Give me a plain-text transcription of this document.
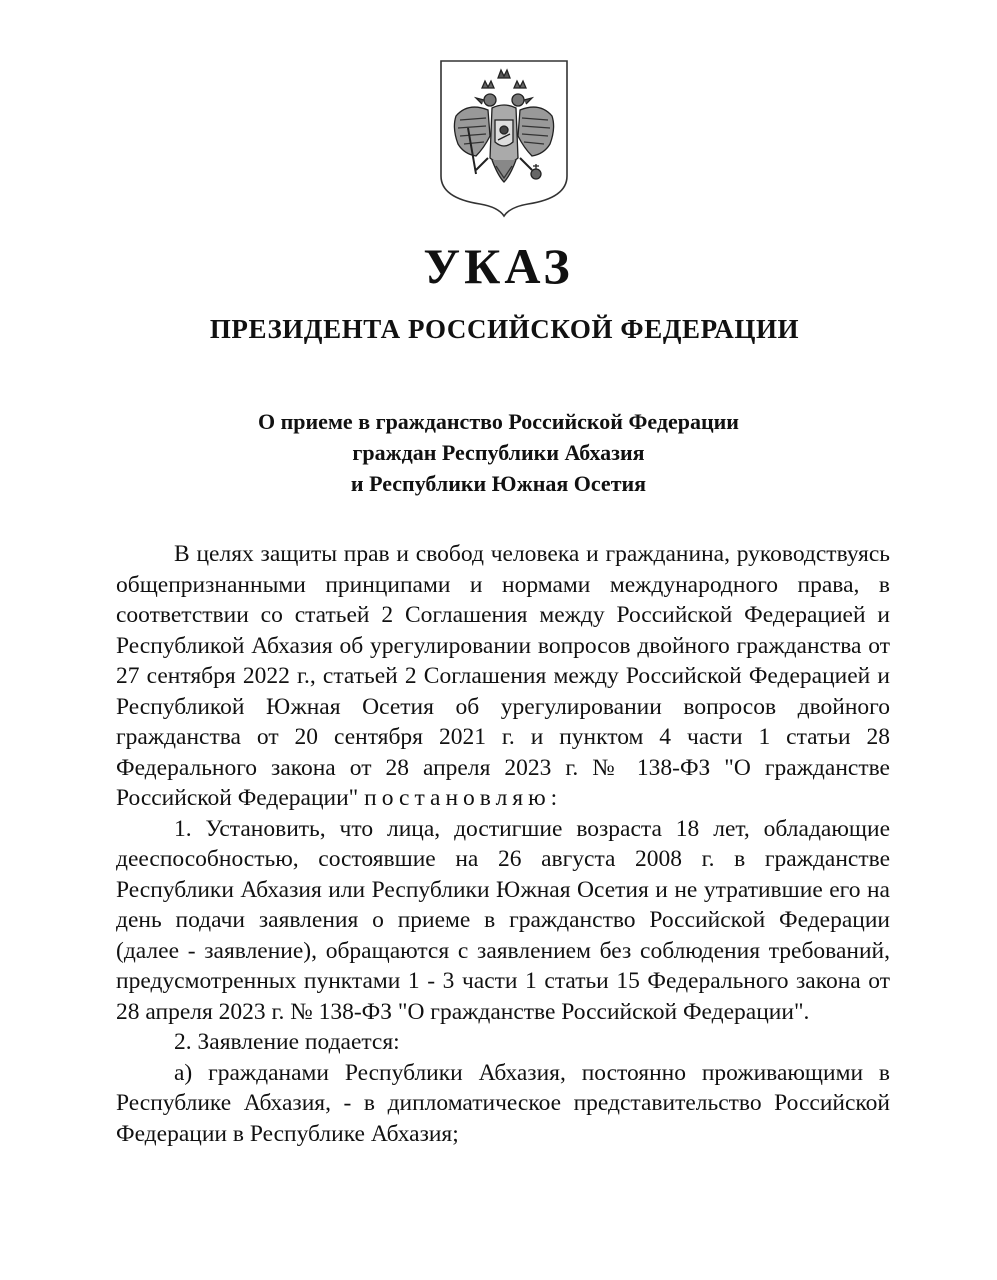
УКАЗ
ПРЕЗИДЕНТА РОССИЙСКОЙ ФЕДЕРАЦИИ
О приеме в гражданство Российской Федерации
граждан Республики Абхазия
и Республики Южная Осетия

В целях защиты прав и свобод человека и гражданина, руководствуясь общепризнанными принципами и нормами международного права, в соответствии со статьей 2 Соглашения между Российской Федерацией и Республикой Абхазия об урегулировании вопросов двойного гражданства от 27 сентября 2022 г., статьей 2 Соглашения между Российской Федерацией и Республикой Южная Осетия об урегулировании вопросов двойного гражданства от 20 сентября 2021 г. и пунктом 4 части 1 статьи 28 Федерального закона от 28 апреля 2023 г. № 138-ФЗ "О гражданстве Российской Федерации" постановляю:

1. Установить, что лица, достигшие возраста 18 лет, обладающие дееспособностью, состоявшие на 26 августа 2008 г. в гражданстве Республики Абхазия или Республики Южная Осетия и не утратившие его на день подачи заявления о приеме в гражданство Российской Федерации (далее - заявление), обращаются с заявлением без соблюдения требований, предусмотренных пунктами 1 - 3 части 1 статьи 15 Федерального закона от 28 апреля 2023 г. № 138-ФЗ "О гражданстве Российской Федерации".

2. Заявление подается:

а) гражданами Республики Абхазия, постоянно проживающими в Республике Абхазия, - в дипломатическое представительство Российской Федерации в Республике Абхазия;
